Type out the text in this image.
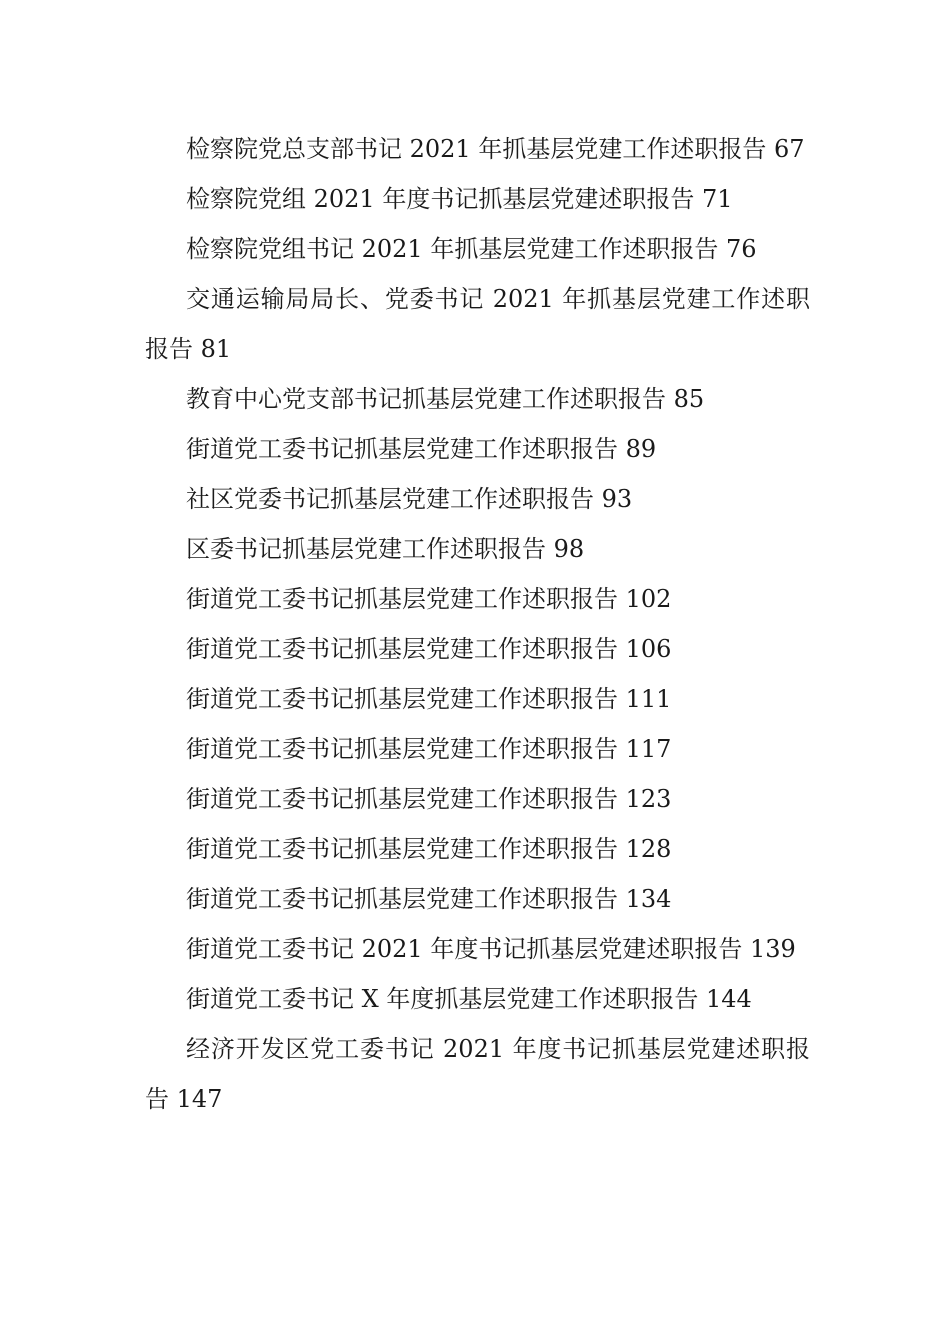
检察院党总支部书记 2021 年抓基层党建工作述职报告 67
检察院党组 2021 年度书记抓基层党建述职报告 71
检察院党组书记 2021 年抓基层党建工作述职报告 76
交通运输局局长、党委书记 2021 年抓基层党建工作述职报告 81
教育中心党支部书记抓基层党建工作述职报告 85
街道党工委书记抓基层党建工作述职报告 89
社区党委书记抓基层党建工作述职报告 93
区委书记抓基层党建工作述职报告 98
街道党工委书记抓基层党建工作述职报告 102
街道党工委书记抓基层党建工作述职报告 106
街道党工委书记抓基层党建工作述职报告 111
街道党工委书记抓基层党建工作述职报告 117
街道党工委书记抓基层党建工作述职报告 123
街道党工委书记抓基层党建工作述职报告 128
街道党工委书记抓基层党建工作述职报告 134
街道党工委书记 2021 年度书记抓基层党建述职报告 139
街道党工委书记 X 年度抓基层党建工作述职报告 144
经济开发区党工委书记 2021 年度书记抓基层党建述职报告 147
